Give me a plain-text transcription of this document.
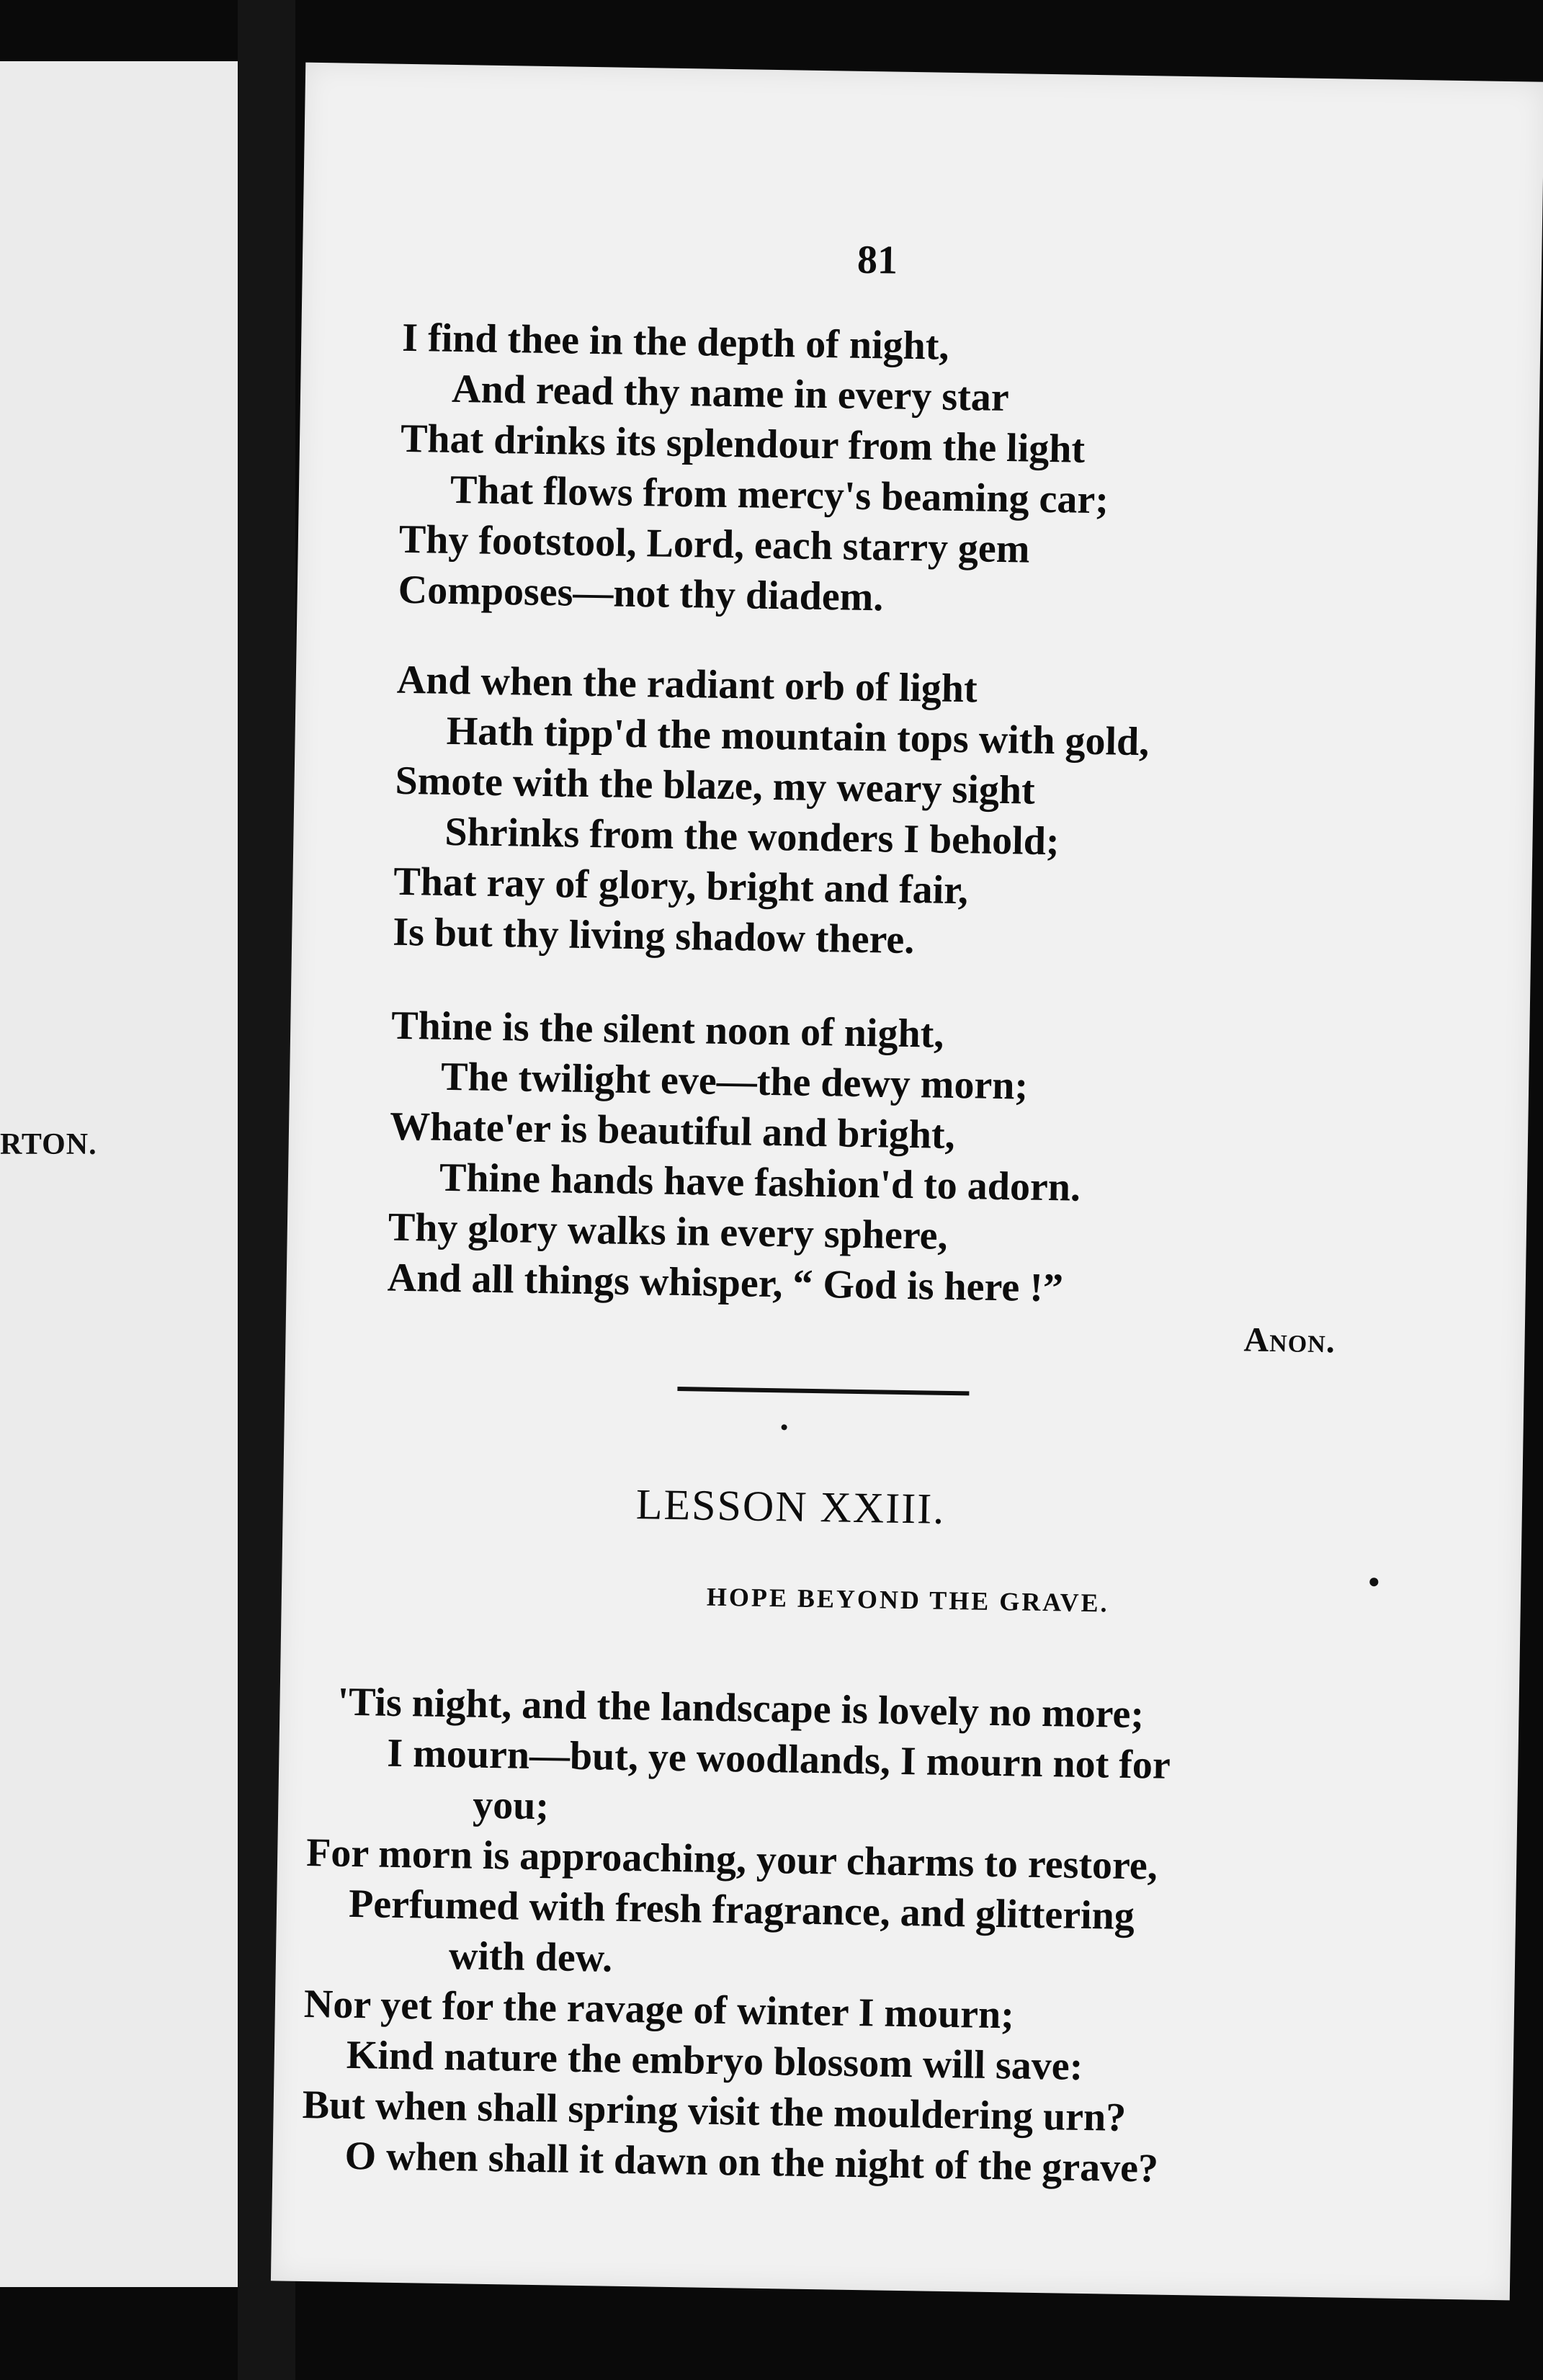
RTON.
81
I find thee in the depth of night,
And read thy name in every star
That drinks its splendour from the light
That flows from mercy's beaming car;
Thy footstool, Lord, each starry gem
Composes—not thy diadem.
And when the radiant orb of light
Hath tipp'd the mountain tops with gold,
Smote with the blaze, my weary sight
Shrinks from the wonders I behold;
That ray of glory, bright and fair,
Is but thy living shadow there.
Thine is the silent noon of night,
The twilight eve—the dewy morn;
Whate'er is beautiful and bright,
Thine hands have fashion'd to adorn.
Thy glory walks in every sphere,
And all things whisper, “ God is here !”
Anon.
LESSON XXIII.
HOPE BEYOND THE GRAVE.
'Tis night, and the landscape is lovely no more;
I mourn—but, ye woodlands, I mourn not for
you;
For morn is approaching, your charms to restore,
Perfumed with fresh fragrance, and glittering
with dew.
Nor yet for the ravage of winter I mourn;
Kind nature the embryo blossom will save:
But when shall spring visit the mouldering urn?
O when shall it dawn on the night of the grave?
